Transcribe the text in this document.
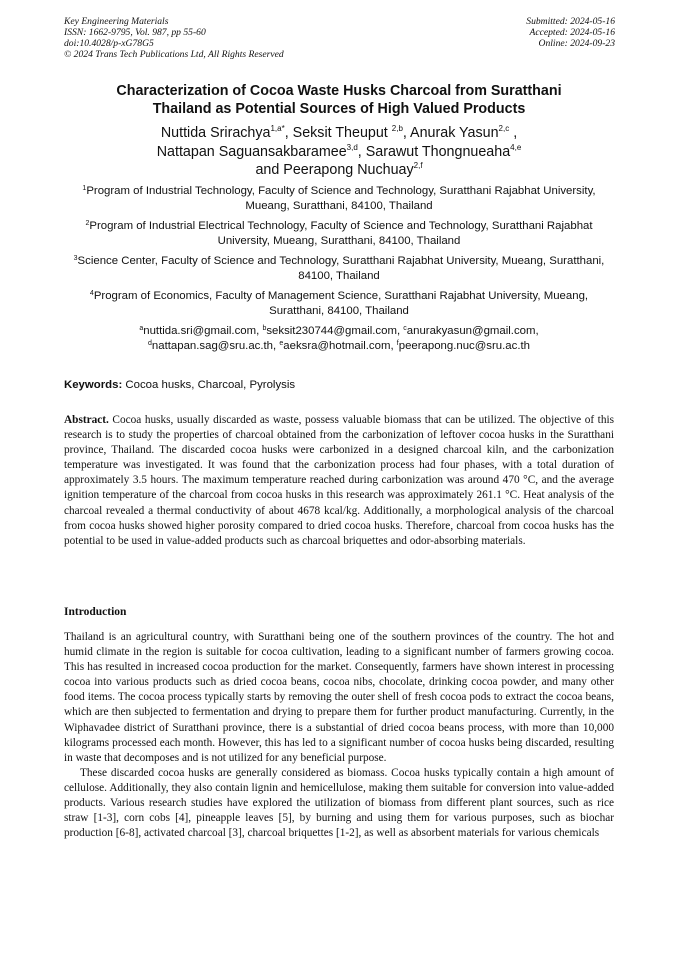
Key Engineering Materials
ISSN: 1662-9795, Vol. 987, pp 55-60
doi:10.4028/p-xG78G5
© 2024 Trans Tech Publications Ltd, All Rights Reserved
Submitted: 2024-05-16
Accepted: 2024-05-16
Online: 2024-09-23
Characterization of Cocoa Waste Husks Charcoal from Suratthani
Thailand as Potential Sources of High Valued Products
Nuttida Srirachya$^{1,a*}$, Seksit Theuput $^{2,b}$, Anurak Yasun$^{2,c}$ ,
Nattapan Saguansakbaramee$^{3,d}$, Sarawut Thongnueaha$^{4,e}$
and Peerapong Nuchuay$^{2,f}$
$^1$Program of Industrial Technology, Faculty of Science and Technology, Suratthani Rajabhat University, Mueang, Suratthani, 84100, Thailand
$^2$Program of Industrial Electrical Technology, Faculty of Science and Technology, Suratthani Rajabhat University, Mueang, Suratthani, 84100, Thailand
$^3$Science Center, Faculty of Science and Technology, Suratthani Rajabhat University, Mueang, Suratthani, 84100, Thailand
$^4$Program of Economics, Faculty of Management Science, Suratthani Rajabhat University, Mueang, Suratthani, 84100, Thailand
$^a$nuttida.sri@gmail.com, $^b$seksit230744@gmail.com, $^c$anurakyasun@gmail.com,
$^d$nattapan.sag@sru.ac.th, $^e$aeksra@hotmail.com, $^f$peerapong.nuc@sru.ac.th
Keywords: Cocoa husks, Charcoal, Pyrolysis
Abstract. Cocoa husks, usually discarded as waste, possess valuable biomass that can be utilized. The objective of this research is to study the properties of charcoal obtained from the carbonization of leftover cocoa husks in the Suratthani province, Thailand. The discarded cocoa husks were carbonized in a designed charcoal kiln, and the carbonization temperature was investigated. It was found that the carbonization process had four phases, with a total duration of approximately 3.5 hours. The maximum temperature reached during carbonization was around 470 °C, and the average ignition temperature of the charcoal from cocoa husks in this research was approximately 261.1 °C. Heat analysis of the charcoal revealed a thermal conductivity of about 4678 kcal/kg. Additionally, a morphological analysis of the charcoal from cocoa husks showed higher porosity compared to dried cocoa husks. Therefore, charcoal from cocoa husks has the potential to be used in value-added products such as charcoal briquettes and odor-absorbing materials.
Introduction

Thailand is an agricultural country, with Suratthani being one of the southern provinces of the country. The hot and humid climate in the region is suitable for cocoa cultivation, leading to a significant number of farmers growing cocoa. This has resulted in increased cocoa production for the market. Consequently, farmers have shown interest in processing cocoa into various products such as dried cocoa beans, cocoa nibs, chocolate, drinking cocoa powder, and many other food items. The cocoa process typically starts by removing the outer shell of fresh cocoa pods to extract the cocoa beans, which are then subjected to fermentation and drying to prepare them for further product manufacturing. Currently, in the Wiphavadee district of Suratthani province, there is a substantial of dried cocoa beans process, with more than 10,000 kilograms processed each month. However, this has led to a significant number of cocoa husks being discarded, resulting in waste that decomposes and is not utilized for any beneficial purpose.

These discarded cocoa husks are generally considered as biomass. Cocoa husks typically contain a high amount of cellulose. Additionally, they also contain lignin and hemicellulose, making them suitable for conversion into value-added products. Various research studies have explored the utilization of biomass from different plant sources, such as rice straw [1-3], corn cobs [4], pineapple leaves [5], by burning and using them for various purposes, such as biochar production [6-8], activated charcoal [3], charcoal briquettes [1-2], as well as absorbent materials for various chemicals
